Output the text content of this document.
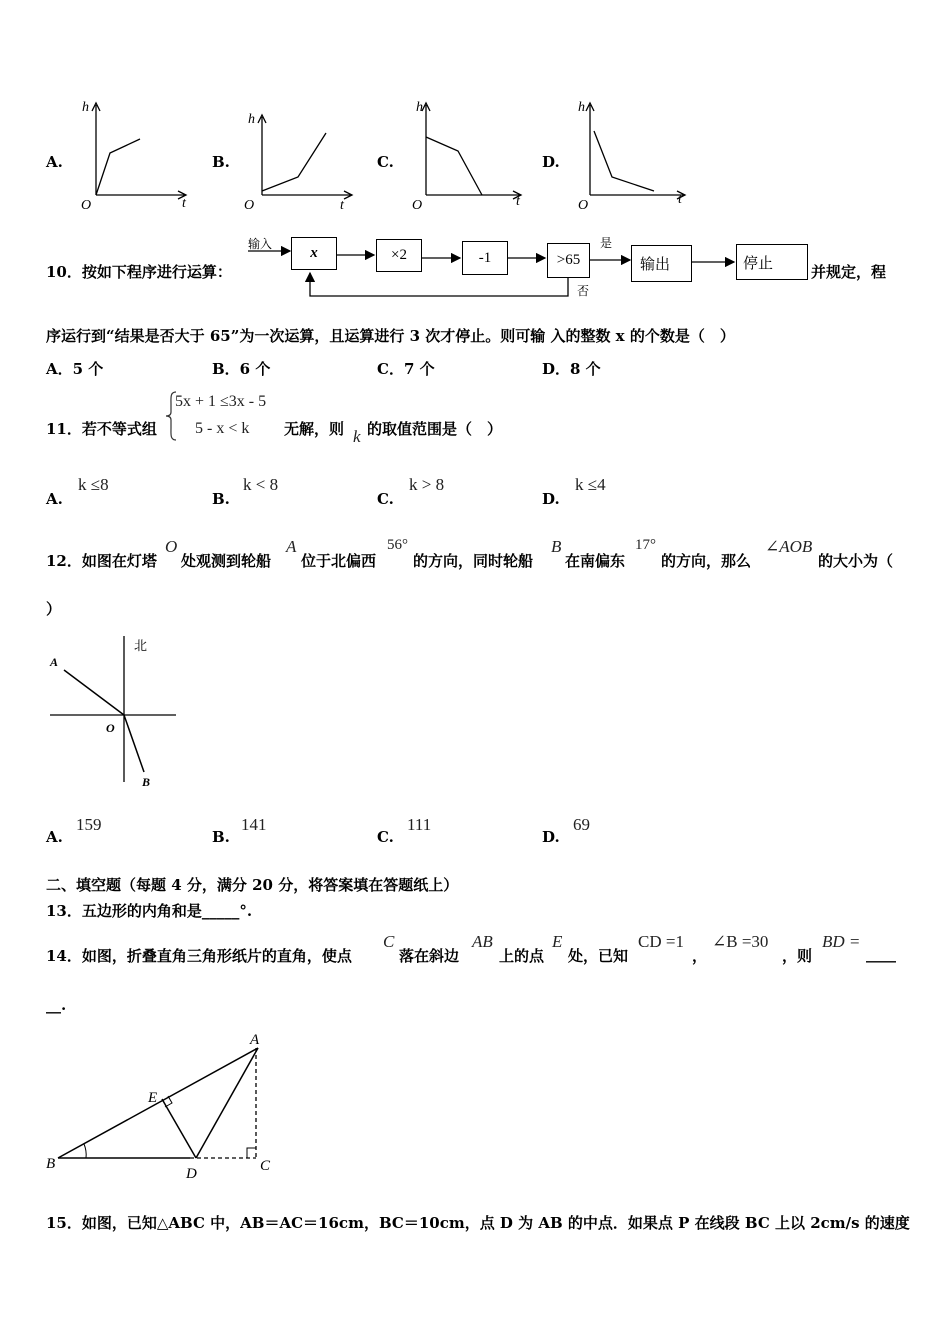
A.
h
O	t
B.
h
O	t
C.
h
O	t
D.
h
O	t
10．按如下程序进行运算：
输入
x	×2	-1	>65
是
否
输出	停止	并规定，程
序运行到“结果是否大于 65”为一次运算，且运算进行 3 次才停止。则可输 入的整数 x 的个数是（　）
A．5 个	B．6 个	C．7 个	D．8 个
11．若不等式组
5x + 1 ≤3x - 5
5 - x < k 无解，则 k 的取值范围是（　）
A.
k ≤8
B.
k < 8
C.
k > 8
D.
k ≤4
12．如图在灯塔
O
处观测到轮船
A
位于北偏西
56°
的方向，同时轮船
B
在南偏东
17°
的方向，那么
∠AOB
的大小为（
）
北
A
O
B
A.
159
B.
141
C.
111
D.
69
二、填空题（每题 4 分，满分 20 分，将答案填在答题纸上）
13．五边形的内角和是_____°.
14．如图，折叠直角三角形纸片的直角，使点
C
落在斜边
AB
上的点
E
处，已知
CD =1
，
∠B =30
，则
BD =
____
__.
A
E
B
D	C
15．如图，已知△ABC 中，AB＝AC＝16cm，BC＝10cm，点 D 为 AB 的中点．如果点 P 在线段 BC 上以 2cm/s 的速度
